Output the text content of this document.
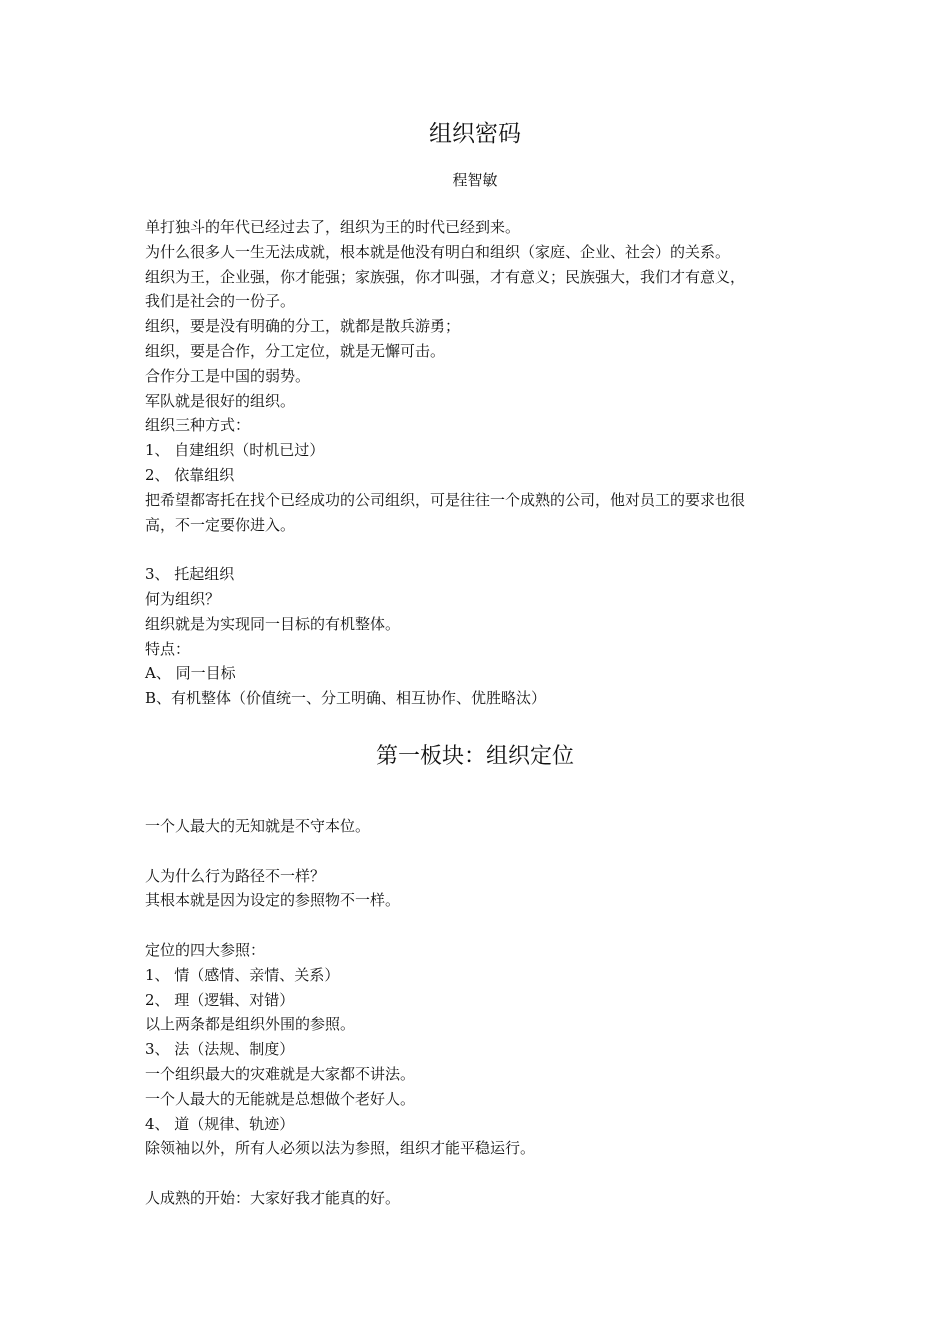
组织密码
程智敏
单打独斗的年代已经过去了，组织为王的时代已经到来。
为什么很多人一生无法成就，根本就是他没有明白和组织（家庭、企业、社会）的关系。
组织为王，企业强，你才能强；家族强，你才叫强，才有意义；民族强大，我们才有意义，
我们是社会的一份子。
组织，要是没有明确的分工，就都是散兵游勇；
组织，要是合作，分工定位，就是无懈可击。
合作分工是中国的弱势。
军队就是很好的组织。
组织三种方式：
1、 自建组织（时机已过）
2、 依靠组织
把希望都寄托在找个已经成功的公司组织，可是往往一个成熟的公司，他对员工的要求也很
高，不一定要你进入。
3、 托起组织
何为组织？
组织就是为实现同一目标的有机整体。
特点：
A、 同一目标
B、有机整体（价值统一、分工明确、相互协作、优胜略汰）
第一板块：组织定位
一个人最大的无知就是不守本位。
人为什么行为路径不一样？
其根本就是因为设定的参照物不一样。
定位的四大参照：
1、 情（感情、亲情、关系）
2、 理（逻辑、对错）
以上两条都是组织外围的参照。
3、 法（法规、制度）
一个组织最大的灾难就是大家都不讲法。
一个人最大的无能就是总想做个老好人。
4、 道（规律、轨迹）
除领袖以外，所有人必须以法为参照，组织才能平稳运行。
人成熟的开始：大家好我才能真的好。
